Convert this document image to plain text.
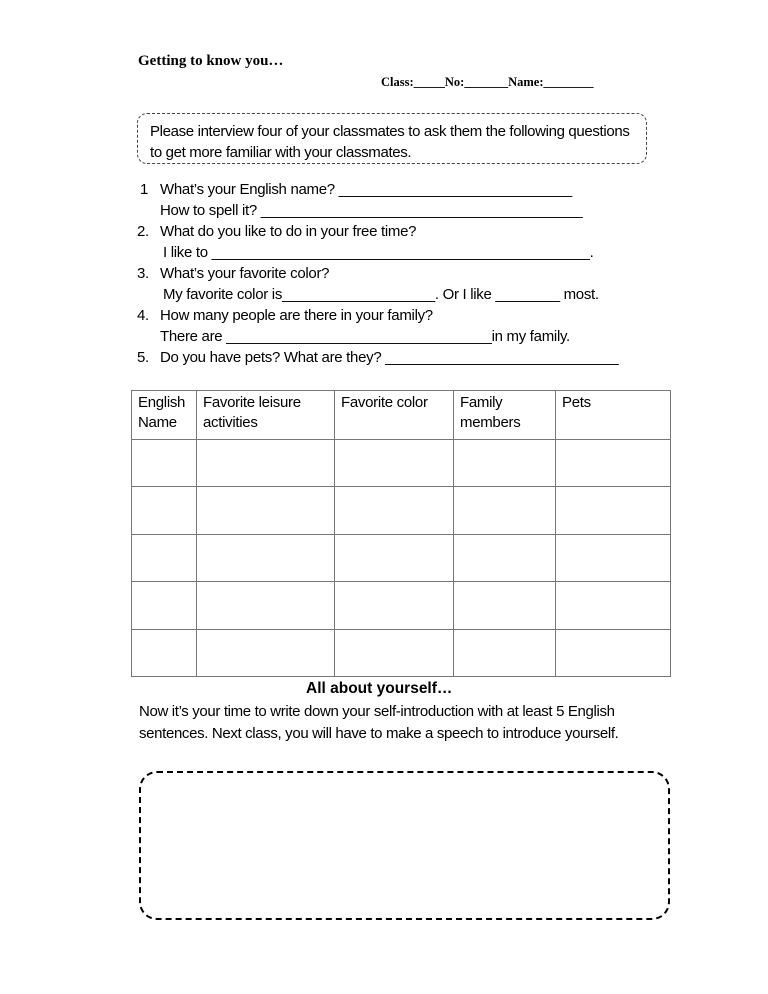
Getting to know you…
Class:_____No:_______Name:________
Please interview four of your classmates to ask them the following questions to get more familiar with your classmates.
1 What’s your English name? _____________________________
How to spell it? ________________________________________
2. What do you like to do in your free time?
I like to _______________________________________________.
3. What’s your favorite color?
My favorite color is___________________. Or I like ________ most.
4. How many people are there in your family?
There are _________________________________in my family.
5. Do you have pets? What are they? _____________________________
English Name	Favorite leisure activities	Favorite color	Family members	Pets

All about yourself…
Now it’s your time to write down your self-introduction with at least 5 English sentences. Next class, you will have to make a speech to introduce yourself.
